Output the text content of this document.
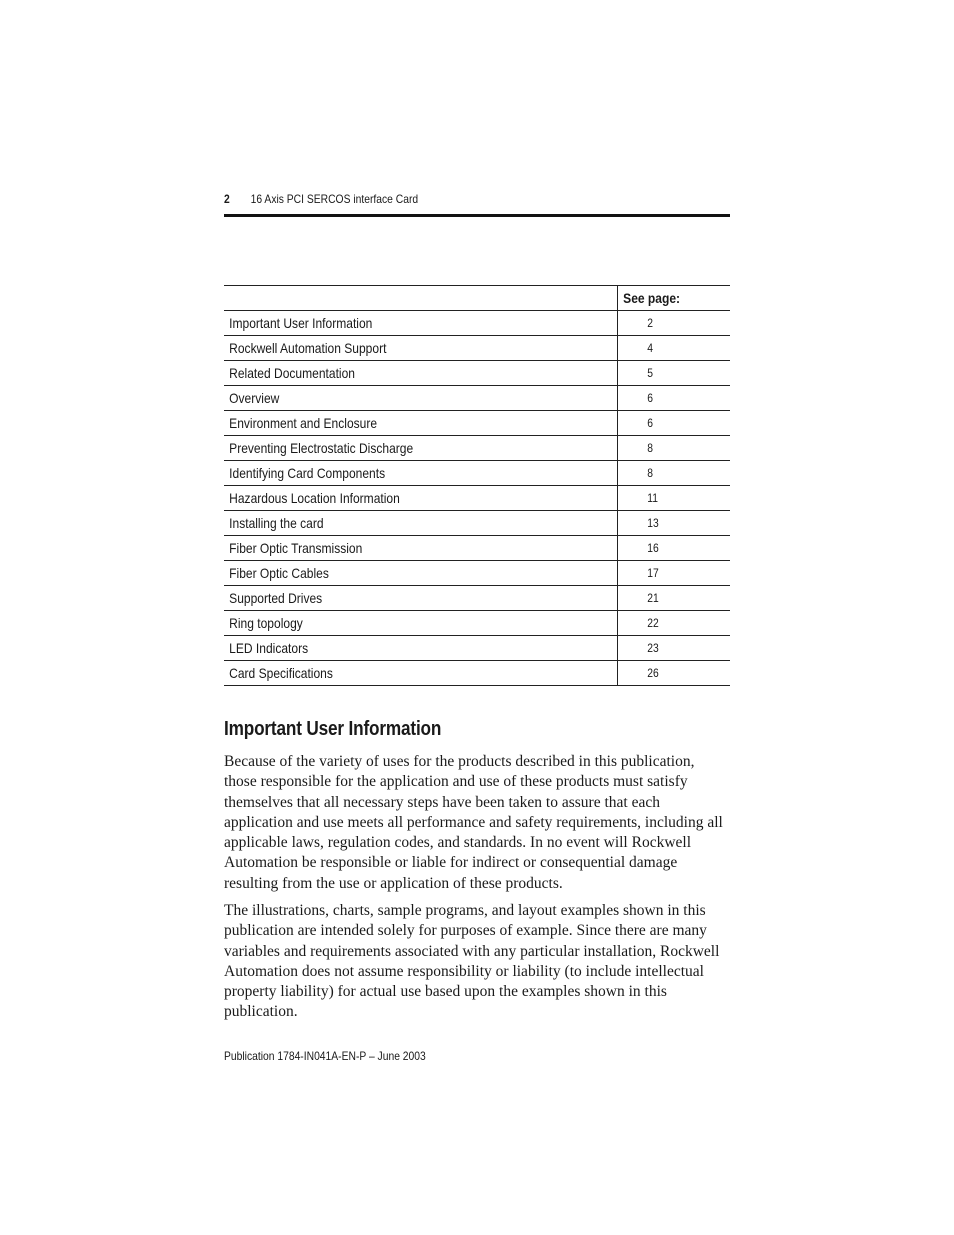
2 16 Axis PCI SERCOS interface Card
	See page:
Important User Information	2
Rockwell Automation Support	4
Related Documentation	5
Overview	6
Environment and Enclosure	6
Preventing Electrostatic Discharge	8
Identifying Card Components	8
Hazardous Location Information	11
Installing the card	13
Fiber Optic Transmission	16
Fiber Optic Cables	17
Supported Drives	21
Ring topology	22
LED Indicators	23
Card Specifications	26
Important User Information

Because of the variety of uses for the products described in this publication, those responsible for the application and use of these products must satisfy themselves that all necessary steps have been taken to assure that each application and use meets all performance and safety requirements, including all applicable laws, regulation codes, and standards. In no event will Rockwell Automation be responsible or liable for indirect or consequential damage resulting from the use or application of these products.

The illustrations, charts, sample programs, and layout examples shown in this publication are intended solely for purposes of example. Since there are many variables and requirements associated with any particular installation, Rockwell Automation does not assume responsibility or liability (to include intellectual property liability) for actual use based upon the examples shown in this publication.

Publication 1784-IN041A-EN-P – June 2003
